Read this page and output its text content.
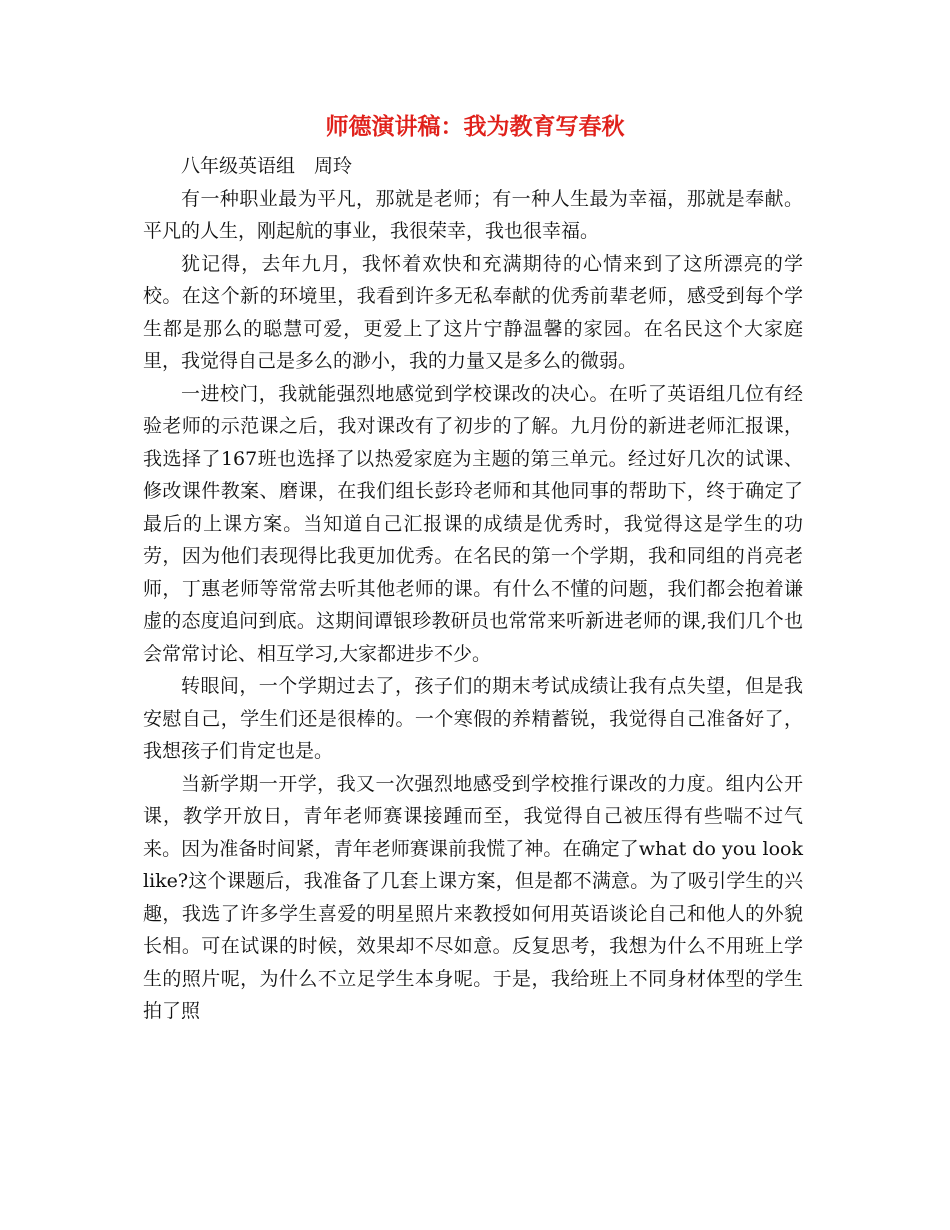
师德演讲稿：我为教育写春秋

八年级英语组　周玲

有一种职业最为平凡，那就是老师；有一种人生最为幸福，那就是奉献。平凡的人生，刚起航的事业，我很荣幸，我也很幸福。

犹记得，去年九月，我怀着欢快和充满期待的心情来到了这所漂亮的学校。在这个新的环境里，我看到许多无私奉献的优秀前辈老师，感受到每个学生都是那么的聪慧可爱，更爱上了这片宁静温馨的家园。在名民这个大家庭里，我觉得自己是多么的渺小，我的力量又是多么的微弱。

一进校门，我就能强烈地感觉到学校课改的决心。在听了英语组几位有经验老师的示范课之后，我对课改有了初步的了解。九月份的新进老师汇报课，我选择了167班也选择了以热爱家庭为主题的第三单元。经过好几次的试课、修改课件教案、磨课，在我们组长彭玲老师和其他同事的帮助下，终于确定了最后的上课方案。当知道自己汇报课的成绩是优秀时，我觉得这是学生的功劳，因为他们表现得比我更加优秀。在名民的第一个学期，我和同组的肖亮老师，丁惠老师等常常去听其他老师的课。有什么不懂的问题，我们都会抱着谦虚的态度追问到底。这期间谭银珍教研员也常常来听新进老师的课,我们几个也会常常讨论、相互学习,大家都进步不少。

转眼间，一个学期过去了，孩子们的期末考试成绩让我有点失望，但是我安慰自己，学生们还是很棒的。一个寒假的养精蓄锐，我觉得自己准备好了，我想孩子们肯定也是。

当新学期一开学，我又一次强烈地感受到学校推行课改的力度。组内公开课，教学开放日，青年老师赛课接踵而至，我觉得自己被压得有些喘不过气来。因为准备时间紧，青年老师赛课前我慌了神。在确定了what do you look like?这个课题后，我准备了几套上课方案，但是都不满意。为了吸引学生的兴趣，我选了许多学生喜爱的明星照片来教授如何用英语谈论自己和他人的外貌长相。可在试课的时候，效果却不尽如意。反复思考，我想为什么不用班上学生的照片呢，为什么不立足学生本身呢。于是，我给班上不同身材体型的学生拍了照
